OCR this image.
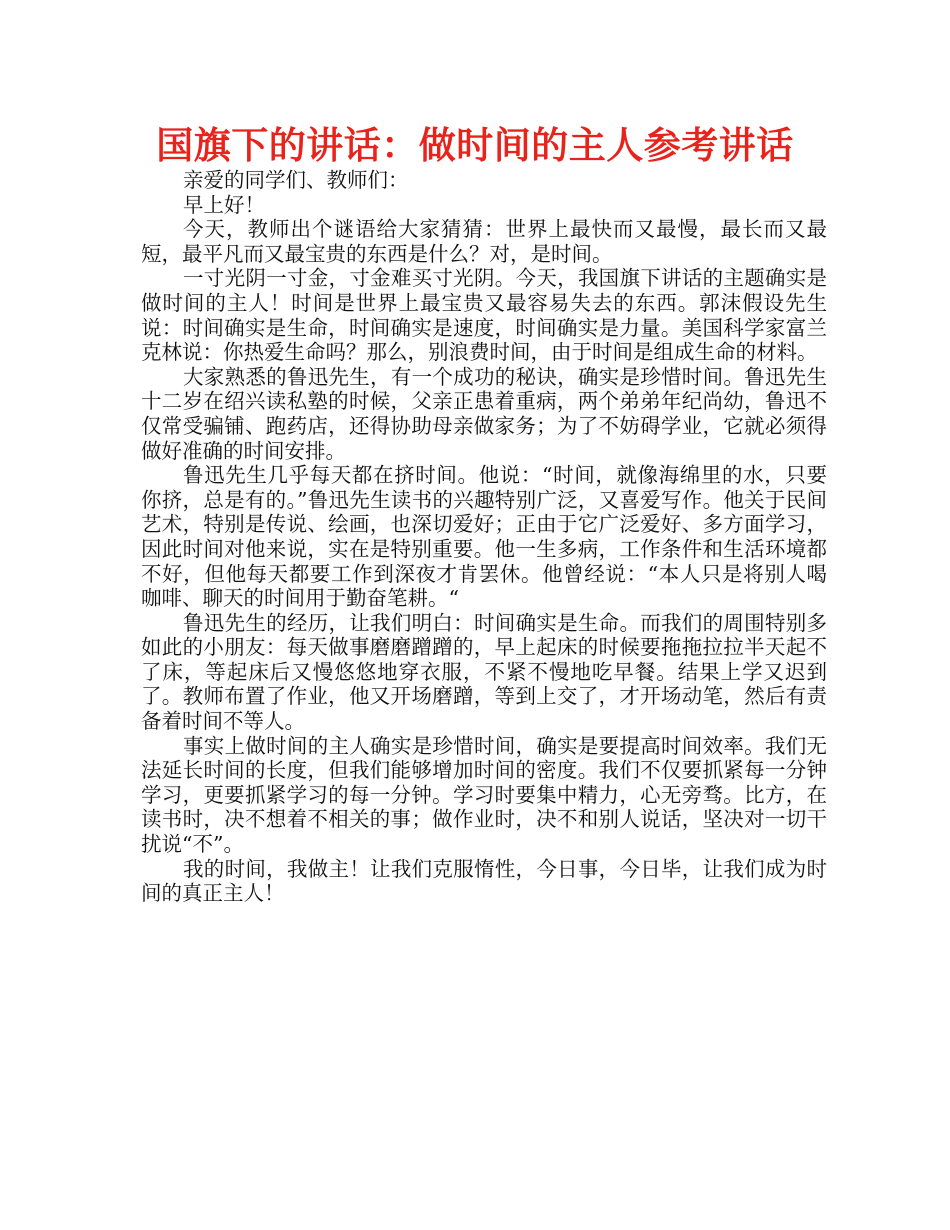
国旗下的讲话：做时间的主人参考讲话

亲爱的同学们、教师们：

早上好！

今天，教师出个谜语给大家猜猜：世界上最快而又最慢，最长而又最短，最平凡而又最宝贵的东西是什么？对，是时间。

一寸光阴一寸金，寸金难买寸光阴。今天，我国旗下讲话的主题确实是做时间的主人！时间是世界上最宝贵又最容易失去的东西。郭沫假设先生说：时间确实是生命，时间确实是速度，时间确实是力量。美国科学家富兰克林说：你热爱生命吗？那么，别浪费时间，由于时间是组成生命的材料。

大家熟悉的鲁迅先生，有一个成功的秘诀，确实是珍惜时间。鲁迅先生十二岁在绍兴读私塾的时候，父亲正患着重病，两个弟弟年纪尚幼，鲁迅不仅常受骗铺、跑药店，还得协助母亲做家务；为了不妨碍学业，它就必须得做好准确的时间安排。

鲁迅先生几乎每天都在挤时间。他说：“时间，就像海绵里的水，只要你挤，总是有的。”鲁迅先生读书的兴趣特别广泛，又喜爱写作。他关于民间艺术，特别是传说、绘画，也深切爱好；正由于它广泛爱好、多方面学习，因此时间对他来说，实在是特别重要。他一生多病，工作条件和生活环境都不好，但他每天都要工作到深夜才肯罢休。他曾经说：“本人只是将别人喝咖啡、聊天的时间用于勤奋笔耕。“

鲁迅先生的经历，让我们明白：时间确实是生命。而我们的周围特别多如此的小朋友：每天做事磨磨蹭蹭的，早上起床的时候要拖拖拉拉半天起不了床，等起床后又慢悠悠地穿衣服，不紧不慢地吃早餐。结果上学又迟到了。教师布置了作业，他又开场磨蹭，等到上交了，才开场动笔，然后有责备着时间不等人。

事实上做时间的主人确实是珍惜时间，确实是要提高时间效率。我们无法延长时间的长度，但我们能够增加时间的密度。我们不仅要抓紧每一分钟学习，更要抓紧学习的每一分钟。学习时要集中精力，心无旁骛。比方，在读书时，决不想着不相关的事；做作业时，决不和别人说话，坚决对一切干扰说“不”。

我的时间，我做主！让我们克服惰性，今日事，今日毕，让我们成为时间的真正主人！
